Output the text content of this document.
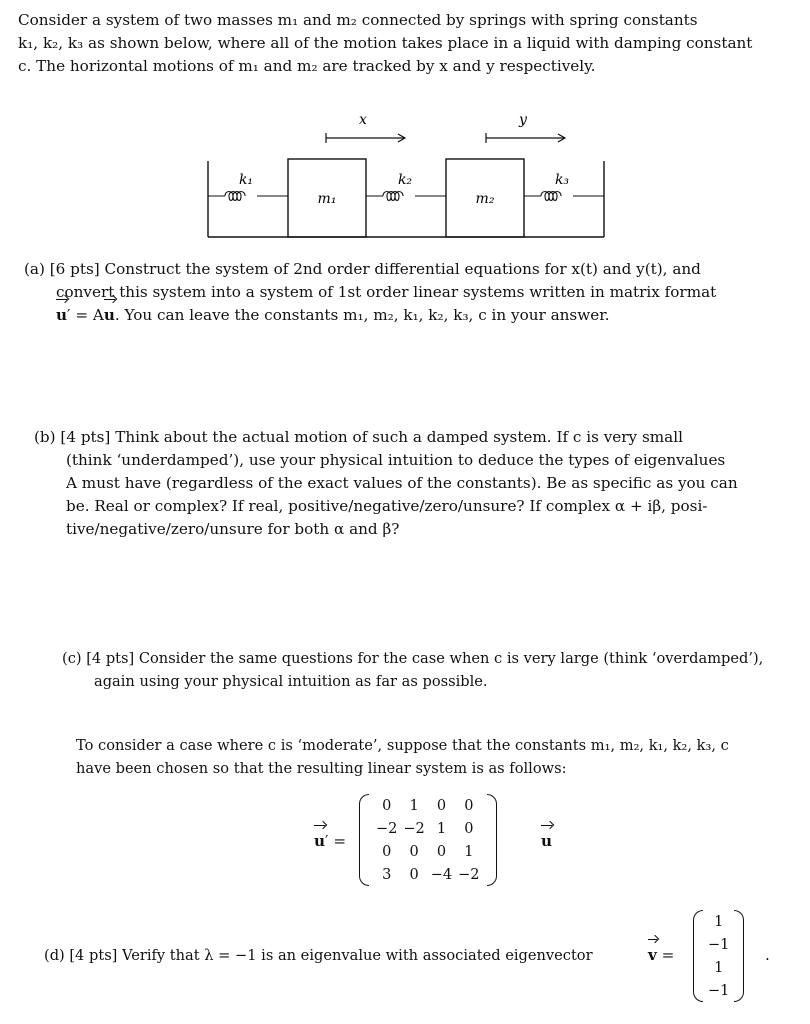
Consider a system of two masses m₁ and m₂ connected by springs with spring constants
k₁, k₂, k₃ as shown below, where all of the motion takes place in a liquid with damping constant
c. The horizontal motions of m₁ and m₂ are tracked by x and y respectively.
x	y
k₁	k₂	k₃
m₁	m₂
(a) [6 pts] Construct the system of 2nd order differential equations for x(t) and y(t), and
convert this system into a system of 1st order linear systems written in matrix format
u′ = Au. You can leave the constants m₁, m₂, k₁, k₂, k₃, c in your answer.
(b) [4 pts] Think about the actual motion of such a damped system. If c is very small
(think ‘underdamped’), use your physical intuition to deduce the types of eigenvalues
A must have (regardless of the exact values of the constants). Be as specific as you can
be. Real or complex? If real, positive/negative/zero/unsure? If complex α + iβ, posi-
tive/negative/zero/unsure for both α and β?
(c) [4 pts] Consider the same questions for the case when c is very large (think ‘overdamped’),
again using your physical intuition as far as possible.
To consider a case where c is ‘moderate’, suppose that the constants m₁, m₂, k₁, k₂, k₃, c
have been chosen so that the resulting linear system is as follows:
u′ =
0	1	0	0
−2	−2	1	0
0	0	0	1
3	0	−4	−2
u
(d) [4 pts] Verify that λ = −1 is an eigenvalue with associated eigenvector	v =
1
−1
1
−1
.
